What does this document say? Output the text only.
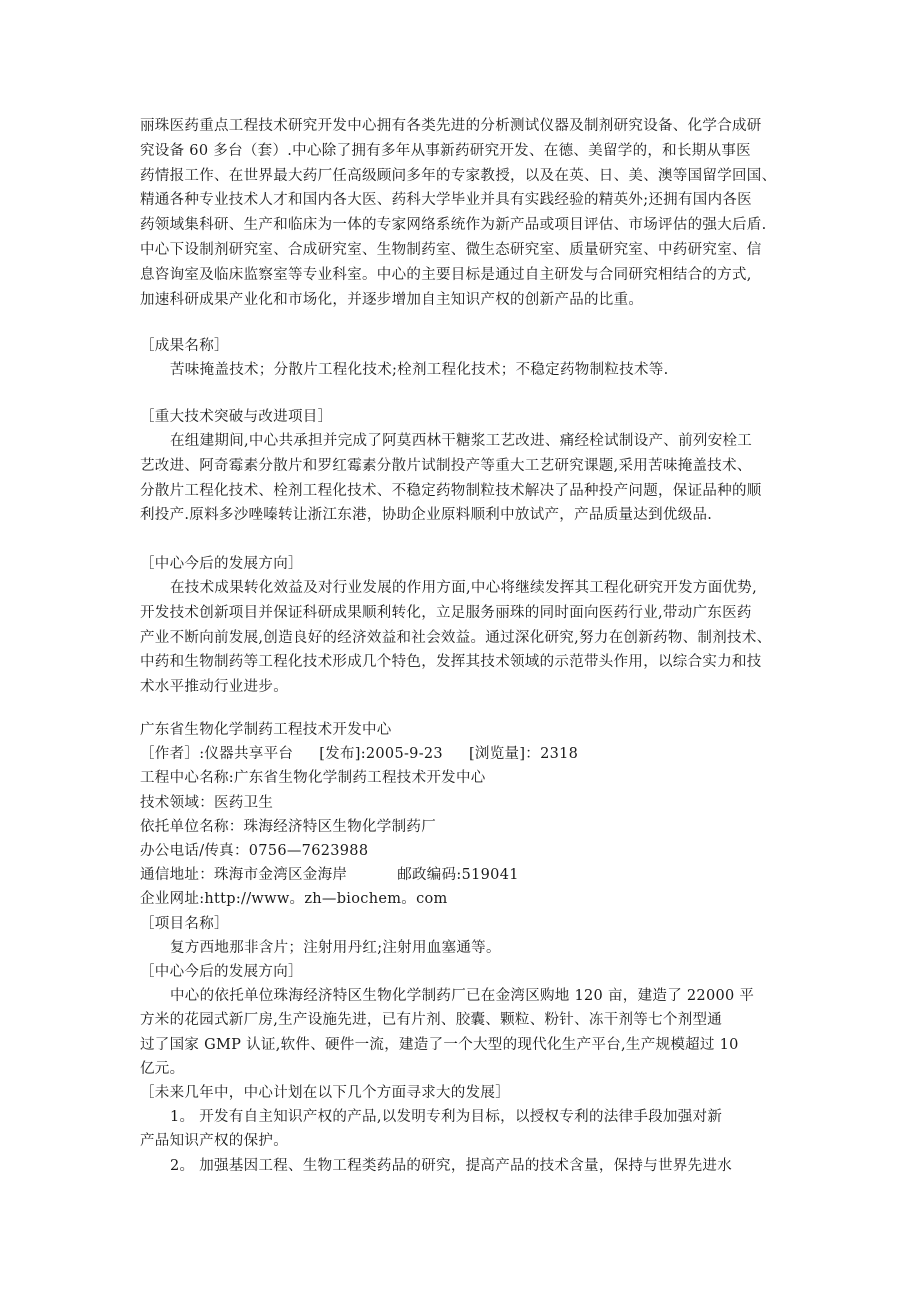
丽珠医药重点工程技术研究开发中心拥有各类先进的分析测试仪器及制剂研究设备、化学合成研
究设备 60 多台（套）.中心除了拥有多年从事新药研究开发、在德、美留学的，和长期从事医
药情报工作、在世界最大药厂任高级顾问多年的专家教授，以及在英、日、美、澳等国留学回国、
精通各种专业技术人才和国内各大医、药科大学毕业并具有实践经验的精英外;还拥有国内各医
药领域集科研、生产和临床为一体的专家网络系统作为新产品或项目评估、市场评估的强大后盾.
中心下设制剂研究室、合成研究室、生物制药室、微生态研究室、质量研究室、中药研究室、信
息咨询室及临床监察室等专业科室。中心的主要目标是通过自主研发与合同研究相结合的方式,
加速科研成果产业化和市场化，并逐步增加自主知识产权的创新产品的比重。
［成果名称］
苦味掩盖技术；分散片工程化技术;栓剂工程化技术；不稳定药物制粒技术等.
［重大技术突破与改进项目］
在组建期间,中心共承担并完成了阿莫西林干糖浆工艺改进、痛经栓试制设产、前列安栓工
艺改进、阿奇霉素分散片和罗红霉素分散片试制投产等重大工艺研究课题,采用苦味掩盖技术、
分散片工程化技术、栓剂工程化技术、不稳定药物制粒技术解决了品种投产问题，保证品种的顺
利投产.原料多沙唑嗪转让浙江东港，协助企业原料顺利中放试产，产品质量达到优级品.
［中心今后的发展方向］
在技术成果转化效益及对行业发展的作用方面,中心将继续发挥其工程化研究开发方面优势,
开发技术创新项目并保证科研成果顺利转化，立足服务丽珠的同时面向医药行业,带动广东医药
产业不断向前发展,创造良好的经济效益和社会效益。通过深化研究,努力在创新药物、制剂技术、
中药和生物制药等工程化技术形成几个特色，发挥其技术领域的示范带头作用，以综合实力和技
术水平推动行业进步。
广东省生物化学制药工程技术开发中心
［作者］:仪器共享平台 [发布]:2005-9-23 [浏览量]：2318
工程中心名称:广东省生物化学制药工程技术开发中心
技术领域：医药卫生
依托单位名称：珠海经济特区生物化学制药厂
办公电话/传真：0756—7623988
通信地址：珠海市金湾区金海岸	邮政编码:519041
企业网址:http://www。zh—biochem。com
［项目名称］
复方西地那非含片；注射用丹红;注射用血塞通等。
［中心今后的发展方向］
中心的依托单位珠海经济特区生物化学制药厂已在金湾区购地 120 亩，建造了 22000 平
方米的花园式新厂房,生产设施先进，已有片剂、胶囊、颗粒、粉针、冻干剂等七个剂型通
过了国家 GMP 认证,软件、硬件一流，建造了一个大型的现代化生产平台,生产规模超过 10
亿元。
［未来几年中，中心计划在以下几个方面寻求大的发展］
1。 开发有自主知识产权的产品,以发明专利为目标，以授权专利的法律手段加强对新
产品知识产权的保护。
2。 加强基因工程、生物工程类药品的研究，提高产品的技术含量，保持与世界先进水
